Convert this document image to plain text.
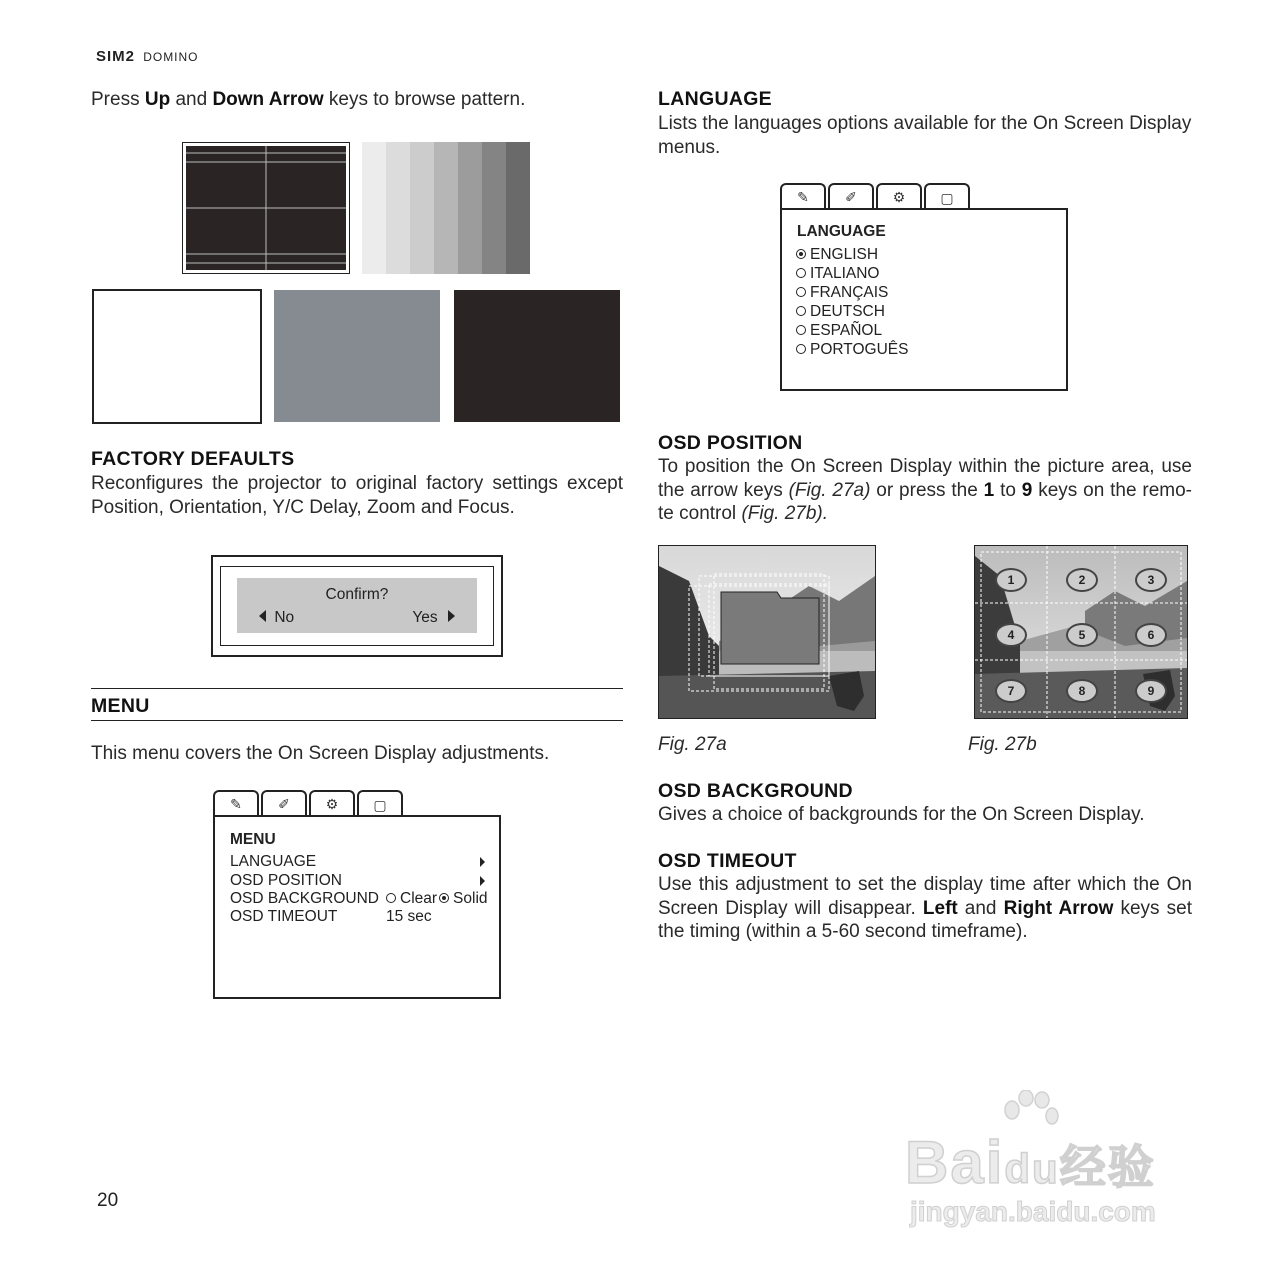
SIM2 DOMINO
Press Up and Down Arrow keys to browse pattern.
FACTORY DEFAULTS
Reconfigures the projector to original factory settings except Position, Orientation, Y/C Delay, Zoom and Focus.
Confirm?
No	Yes
MENU
This menu covers the On Screen Display adjustments.
✎	✐	⚙	▢
MENU
LANGUAGE
OSD POSITION
OSD BACKGROUND	Clear Solid
OSD TIMEOUT	15 sec
LANGUAGE
Lists the languages options available for the On Screen Display menus.
✎	✐	⚙	▢
LANGUAGE
ENGLISH
ITALIANO
FRANÇAIS
DEUTSCH
ESPAÑOL
PORTOGUÊS
OSD POSITION
To position the On Screen Display within the picture area, use the arrow keys (Fig. 27a) or press the 1 to 9 keys on the remo-te control (Fig. 27b).
Fig. 27a
1	2	3
4	5	6
7	8	9
Fig. 27b
OSD BACKGROUND
Gives a choice of backgrounds for the On Screen Display.
OSD TIMEOUT
Use this adjustment to set the display time after which the On Screen Display will disappear. Left and Right Arrow keys set the timing (within a 5-60 second timeframe).
Baidu经验
jingyan.baidu.com
20
